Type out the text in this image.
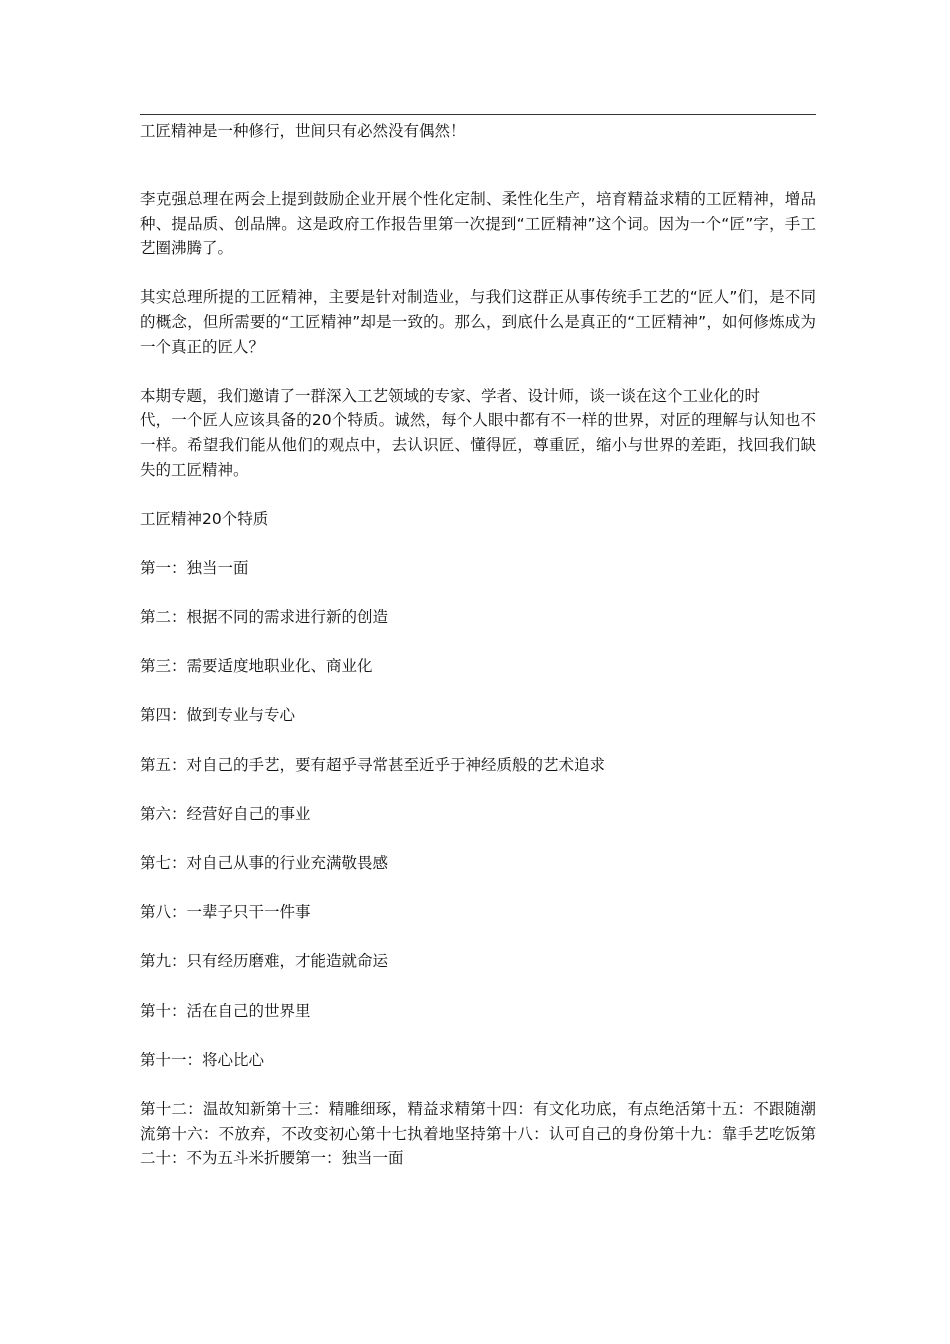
工匠精神是一种修行，世间只有必然没有偶然！

李克强总理在两会上提到鼓励企业开展个性化定制、柔性化生产，培育精益求精的工匠精神，增品种、提品质、创品牌。这是政府工作报告里第一次提到“工匠精神”这个词。因为一个“匠”字，手工艺圈沸腾了。

其实总理所提的工匠精神，主要是针对制造业，与我们这群正从事传统手工艺的“匠人”们，是不同的概念，但所需要的“工匠精神”却是一致的。那么，到底什么是真正的“工匠精神”，如何修炼成为一个真正的匠人？

本期专题，我们邀请了一群深入工艺领域的专家、学者、设计师，谈一谈在这个工业化的时

代，一个匠人应该具备的20个特质。诚然，每个人眼中都有不一样的世界，对匠的理解与认知也不一样。希望我们能从他们的观点中，去认识匠、懂得匠，尊重匠，缩小与世界的差距，找回我们缺失的工匠精神。

工匠精神20个特质

第一：独当一面

第二：根据不同的需求进行新的创造

第三：需要适度地职业化、商业化

第四：做到专业与专心

第五：对自己的手艺，要有超乎寻常甚至近乎于神经质般的艺术追求

第六：经营好自己的事业

第七：对自己从事的行业充满敬畏感

第八：一辈子只干一件事

第九：只有经历磨难，才能造就命运

第十：活在自己的世界里

第十一：将心比心

第十二：温故知新第十三：精雕细琢，精益求精第十四：有文化功底，有点绝活第十五：不跟随潮流第十六：不放弃，不改变初心第十七执着地坚持第十八：认可自己的身份第十九：靠手艺吃饭第二十：不为五斗米折腰第一：独当一面
